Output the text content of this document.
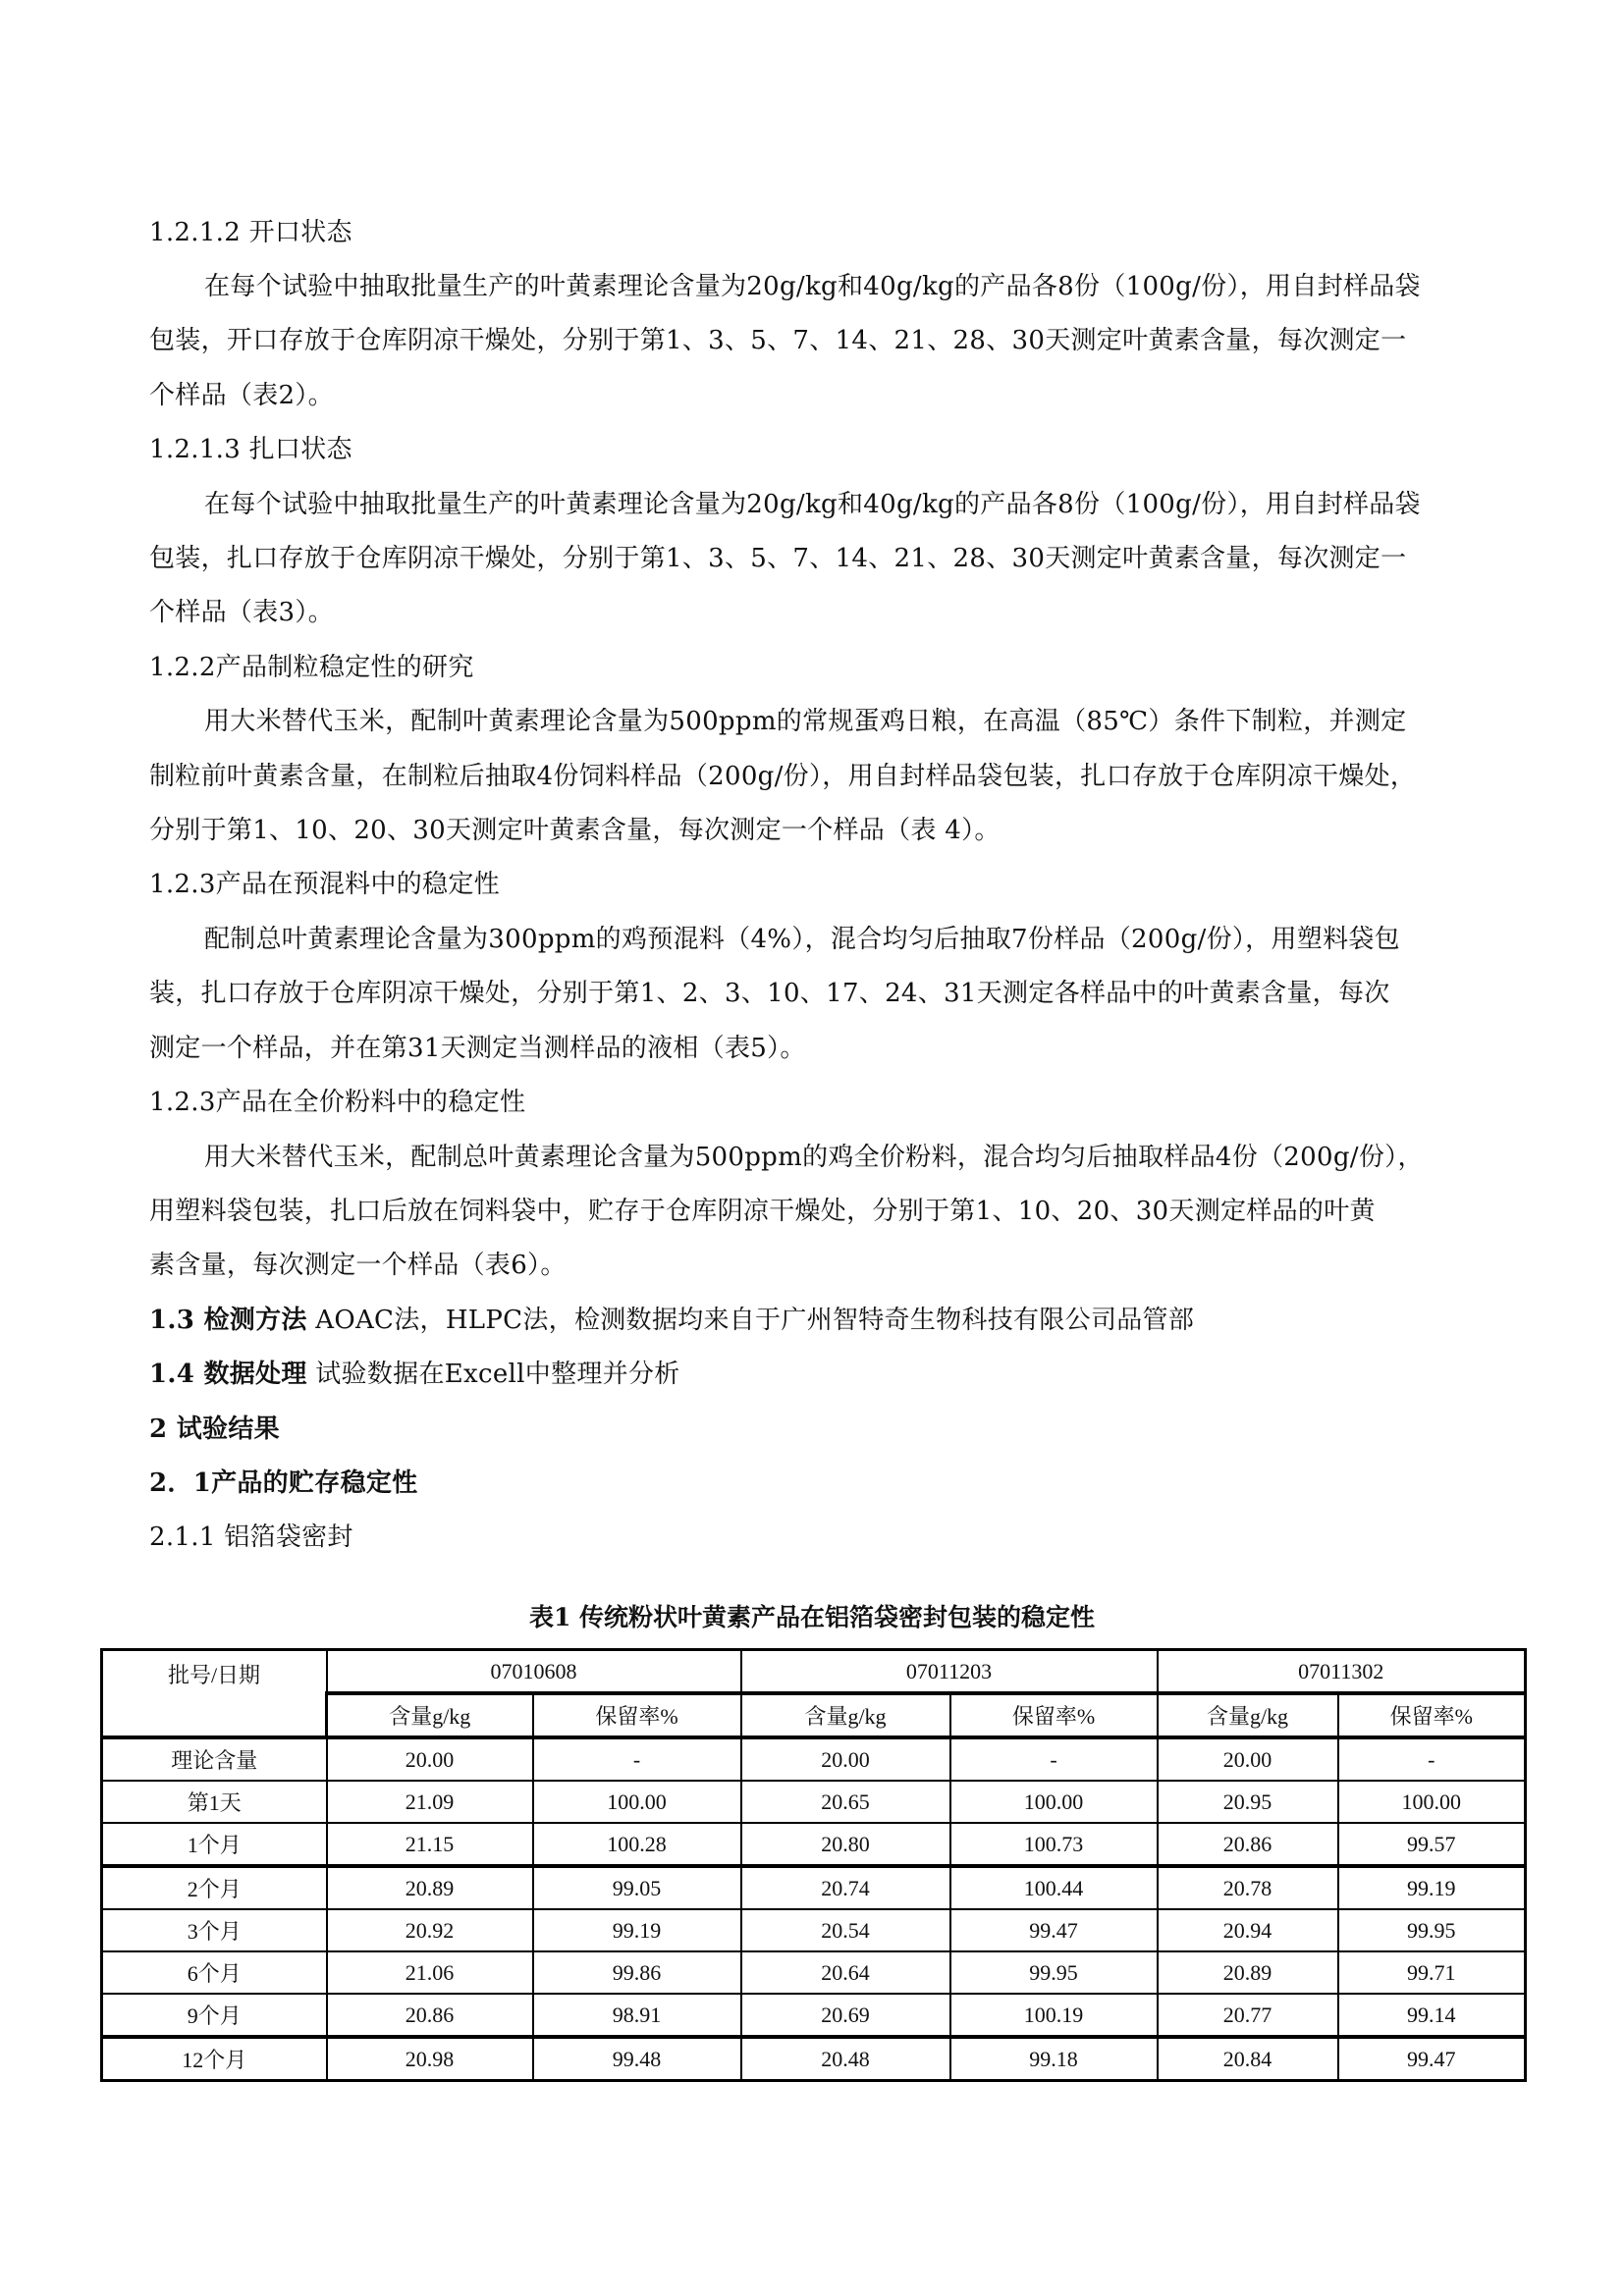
1.2.1.2 开口状态
在每个试验中抽取批量生产的叶黄素理论含量为20g/kg和40g/kg的产品各8份（100g/份），用自封样品袋
包装，开口存放于仓库阴凉干燥处，分别于第1、3、5、7、14、21、28、30天测定叶黄素含量，每次测定一
个样品（表2）。
1.2.1.3 扎口状态
在每个试验中抽取批量生产的叶黄素理论含量为20g/kg和40g/kg的产品各8份（100g/份），用自封样品袋
包装，扎口存放于仓库阴凉干燥处，分别于第1、3、5、7、14、21、28、30天测定叶黄素含量，每次测定一
个样品（表3）。
1.2.2产品制粒稳定性的研究
用大米替代玉米，配制叶黄素理论含量为500ppm的常规蛋鸡日粮，在高温（85℃）条件下制粒，并测定
制粒前叶黄素含量，在制粒后抽取4份饲料样品（200g/份），用自封样品袋包装，扎口存放于仓库阴凉干燥处，
分别于第1、10、20、30天测定叶黄素含量，每次测定一个样品（表 4）。
1.2.3产品在预混料中的稳定性
配制总叶黄素理论含量为300ppm的鸡预混料（4%），混合均匀后抽取7份样品（200g/份），用塑料袋包
装，扎口存放于仓库阴凉干燥处，分别于第1、2、3、10、17、24、31天测定各样品中的叶黄素含量，每次
测定一个样品，并在第31天测定当测样品的液相（表5）。
1.2.3产品在全价粉料中的稳定性
用大米替代玉米，配制总叶黄素理论含量为500ppm的鸡全价粉料，混合均匀后抽取样品4份（200g/份），
用塑料袋包装，扎口后放在饲料袋中，贮存于仓库阴凉干燥处，分别于第1、10、20、30天测定样品的叶黄
素含量，每次测定一个样品（表6）。
1.3 检测方法 AOAC法，HLPC法，检测数据均来自于广州智特奇生物科技有限公司品管部
1.4 数据处理 试验数据在Excell中整理并分析
2 试验结果
2．1产品的贮存稳定性
2.1.1 铝箔袋密封
表1 传统粉状叶黄素产品在铝箔袋密封包装的稳定性
批号/日期	07010608		07011203		07011302	
	含量g/kg	保留率%	含量g/kg	保留率%	含量g/kg	保留率%
理论含量	20.00	-	20.00	-	20.00	-
第1天	21.09	100.00	20.65	100.00	20.95	100.00
1个月	21.15	100.28	20.80	100.73	20.86	99.57
2个月	20.89	99.05	20.74	100.44	20.78	99.19
3个月	20.92	99.19	20.54	99.47	20.94	99.95
6个月	21.06	99.86	20.64	99.95	20.89	99.71
9个月	20.86	98.91	20.69	100.19	20.77	99.14
12个月	20.98	99.48	20.48	99.18	20.84	99.47
